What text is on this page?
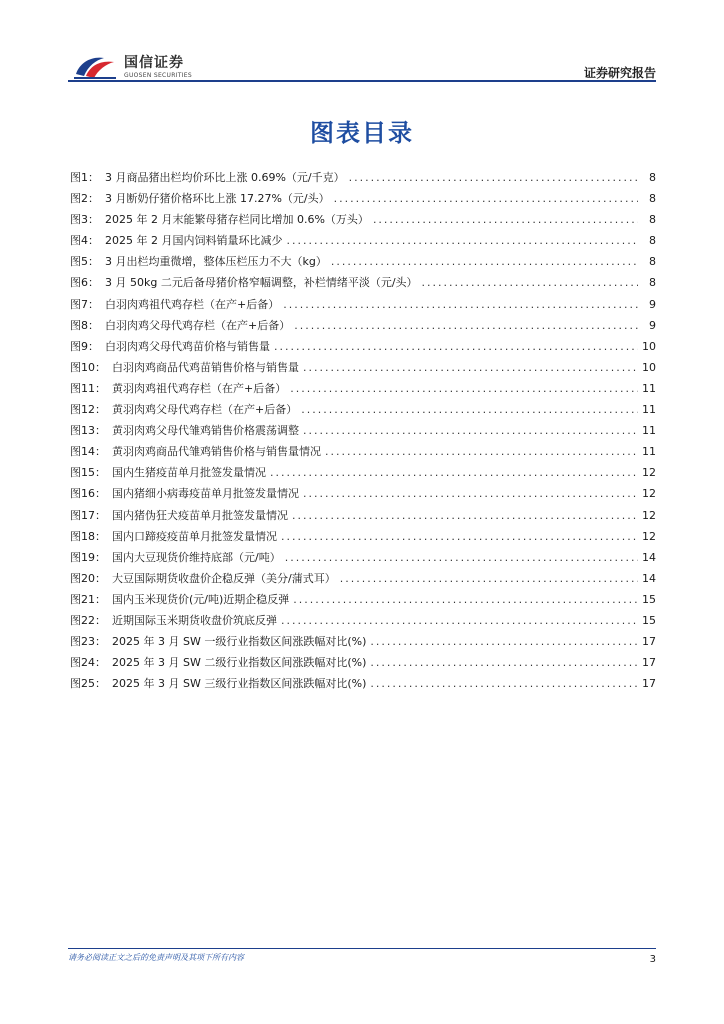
国信证券
GUOSEN SECURITIES	证券研究报告
图表目录
图1： 3 月商品猪出栏均价环比上涨 0.69%（元/千克） .....	8
图2： 3 月断奶仔猪价格环比上涨 17.27%（元/头） .....	8
图3： 2025 年 2 月末能繁母猪存栏同比增加 0.6%（万头） .....	8
图4： 2025 年 2 月国内饲料销量环比减少 .....	8
图5： 3 月出栏均重微增，整体压栏压力不大（kg） .....	8
图6： 3 月 50kg 二元后备母猪价格窄幅调整，补栏情绪平淡（元/头） .....	8
图7： 白羽肉鸡祖代鸡存栏（在产+后备） .....	9
图8： 白羽肉鸡父母代鸡存栏（在产+后备） .....	9
图9： 白羽肉鸡父母代鸡苗价格与销售量 .....	10
图10： 白羽肉鸡商品代鸡苗销售价格与销售量 .....	10
图11： 黄羽肉鸡祖代鸡存栏（在产+后备） .....	11
图12： 黄羽肉鸡父母代鸡存栏（在产+后备） .....	11
图13： 黄羽肉鸡父母代雏鸡销售价格震荡调整 .....	11
图14： 黄羽肉鸡商品代雏鸡销售价格与销售量情况 .....	11
图15： 国内生猪疫苗单月批签发量情况 .....	12
图16： 国内猪细小病毒疫苗单月批签发量情况 .....	12
图17： 国内猪伪狂犬疫苗单月批签发量情况 .....	12
图18： 国内口蹄疫疫苗单月批签发量情况 .....	12
图19： 国内大豆现货价维持底部（元/吨） .....	14
图20： 大豆国际期货收盘价企稳反弹（美分/蒲式耳） .....	14
图21： 国内玉米现货价(元/吨)近期企稳反弹 .....	15
图22： 近期国际玉米期货收盘价筑底反弹 .....	15
图23： 2025 年 3 月 SW 一级行业指数区间涨跌幅对比(%) .....	17
图24： 2025 年 3 月 SW 二级行业指数区间涨跌幅对比(%) .....	17
图25： 2025 年 3 月 SW 三级行业指数区间涨跌幅对比(%) .....	17
请务必阅读正文之后的免责声明及其项下所有内容	3
